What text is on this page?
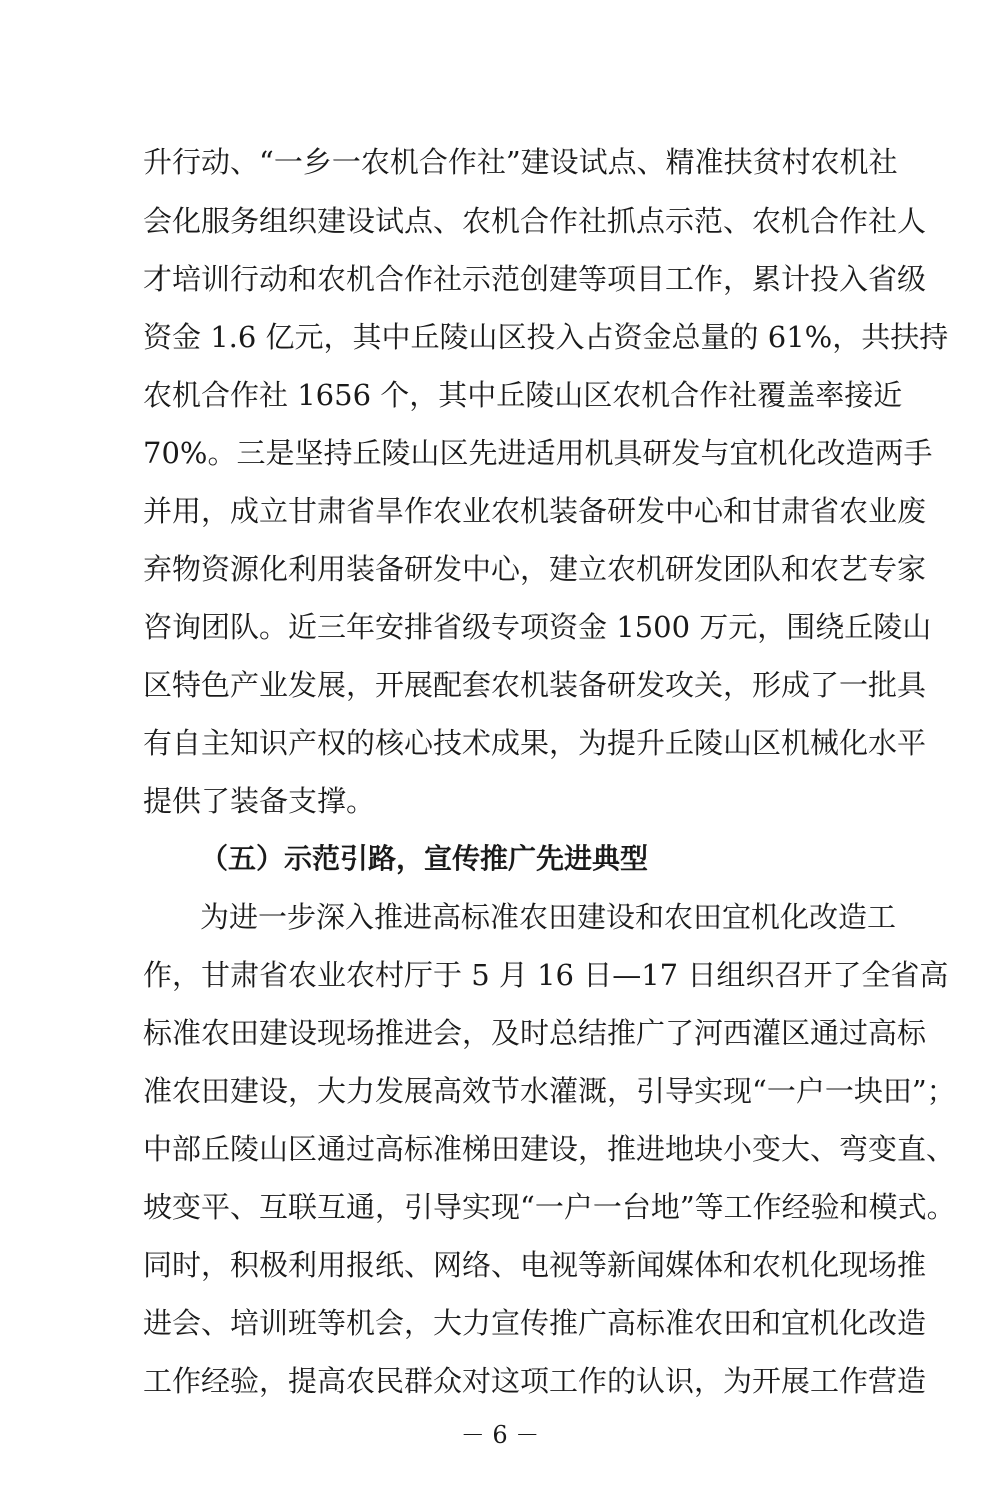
升行动、“一乡一农机合作社”建设试点、精准扶贫村农机社
会化服务组织建设试点、农机合作社抓点示范、农机合作社人
才培训行动和农机合作社示范创建等项目工作，累计投入省级
资金 1.6 亿元，其中丘陵山区投入占资金总量的 61%，共扶持
农机合作社 1656 个，其中丘陵山区农机合作社覆盖率接近
70%。三是坚持丘陵山区先进适用机具研发与宜机化改造两手
并用，成立甘肃省旱作农业农机装备研发中心和甘肃省农业废
弃物资源化利用装备研发中心，建立农机研发团队和农艺专家
咨询团队。近三年安排省级专项资金 1500 万元，围绕丘陵山
区特色产业发展，开展配套农机装备研发攻关，形成了一批具
有自主知识产权的核心技术成果，为提升丘陵山区机械化水平
提供了装备支撑。
（五）示范引路，宣传推广先进典型
为进一步深入推进高标准农田建设和农田宜机化改造工
作，甘肃省农业农村厅于 5 月 16 日—17 日组织召开了全省高
标准农田建设现场推进会，及时总结推广了河西灌区通过高标
准农田建设，大力发展高效节水灌溉，引导实现“一户一块田”；
中部丘陵山区通过高标准梯田建设，推进地块小变大、弯变直、
坡变平、互联互通，引导实现“一户一台地”等工作经验和模式。
同时，积极利用报纸、网络、电视等新闻媒体和农机化现场推
进会、培训班等机会，大力宣传推广高标准农田和宜机化改造
工作经验，提高农民群众对这项工作的认识，为开展工作营造
－ 6 －
